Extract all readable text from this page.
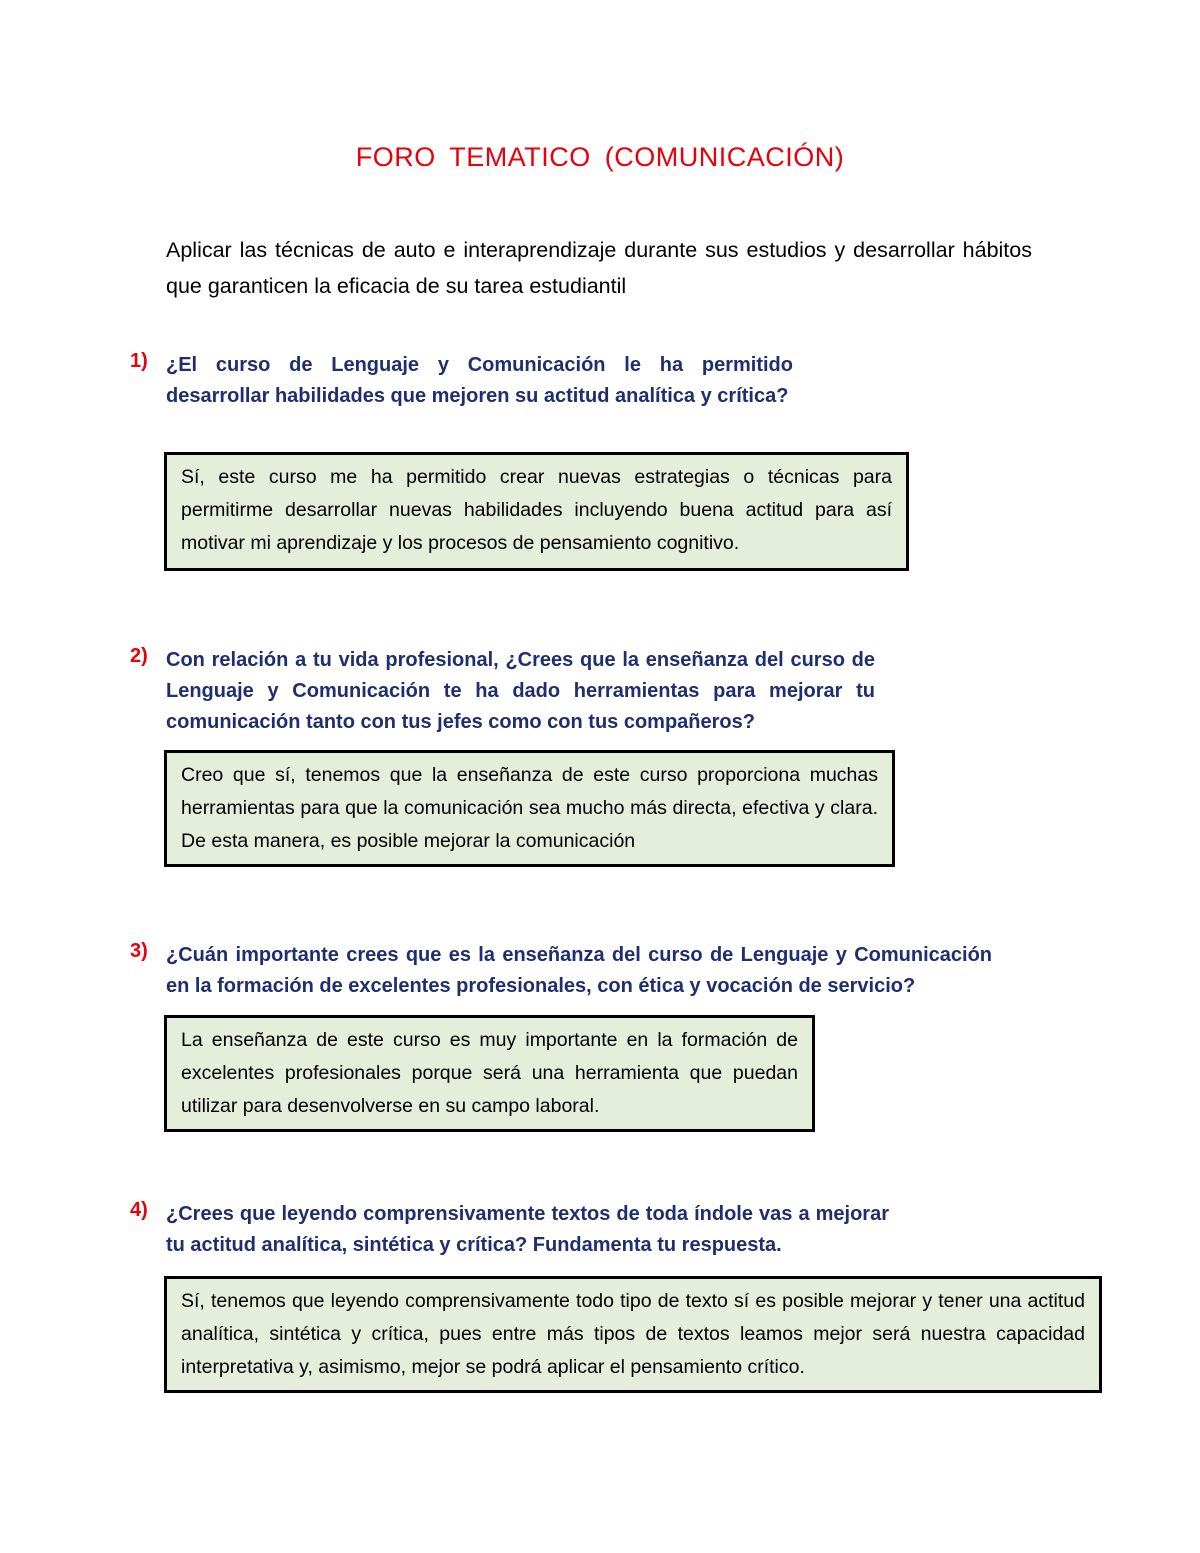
FORO TEMATICO (COMUNICACIÓN)
Aplicar las técnicas de auto e interaprendizaje durante sus estudios y desarrollar hábitos que garanticen la eficacia de su tarea estudiantil
1) ¿El curso de Lenguaje y Comunicación le ha permitido desarrollar habilidades que mejoren su actitud analítica y crítica?
Sí, este curso me ha permitido crear nuevas estrategias o técnicas para permitirme desarrollar nuevas habilidades incluyendo buena actitud para así motivar mi aprendizaje y los procesos de pensamiento cognitivo.
2) Con relación a tu vida profesional, ¿Crees que la enseñanza del curso de Lenguaje y Comunicación te ha dado herramientas para mejorar tu comunicación tanto con tus jefes como con tus compañeros?
Creo que sí, tenemos que la enseñanza de este curso proporciona muchas herramientas para que la comunicación sea mucho más directa, efectiva y clara. De esta manera, es posible mejorar la comunicación
3) ¿Cuán importante crees que es la enseñanza del curso de Lenguaje y Comunicación en la formación de excelentes profesionales, con ética y vocación de servicio?
La enseñanza de este curso es muy importante en la formación de excelentes profesionales porque será una herramienta que puedan utilizar para desenvolverse en su campo laboral.
4) ¿Crees que leyendo comprensivamente textos de toda índole vas a mejorar tu actitud analítica, sintética y crítica? Fundamenta tu respuesta.
Sí, tenemos que leyendo comprensivamente todo tipo de texto sí es posible mejorar y tener una actitud analítica, sintética y crítica, pues entre más tipos de textos leamos mejor será nuestra capacidad interpretativa y, asimismo, mejor se podrá aplicar el pensamiento crítico.
